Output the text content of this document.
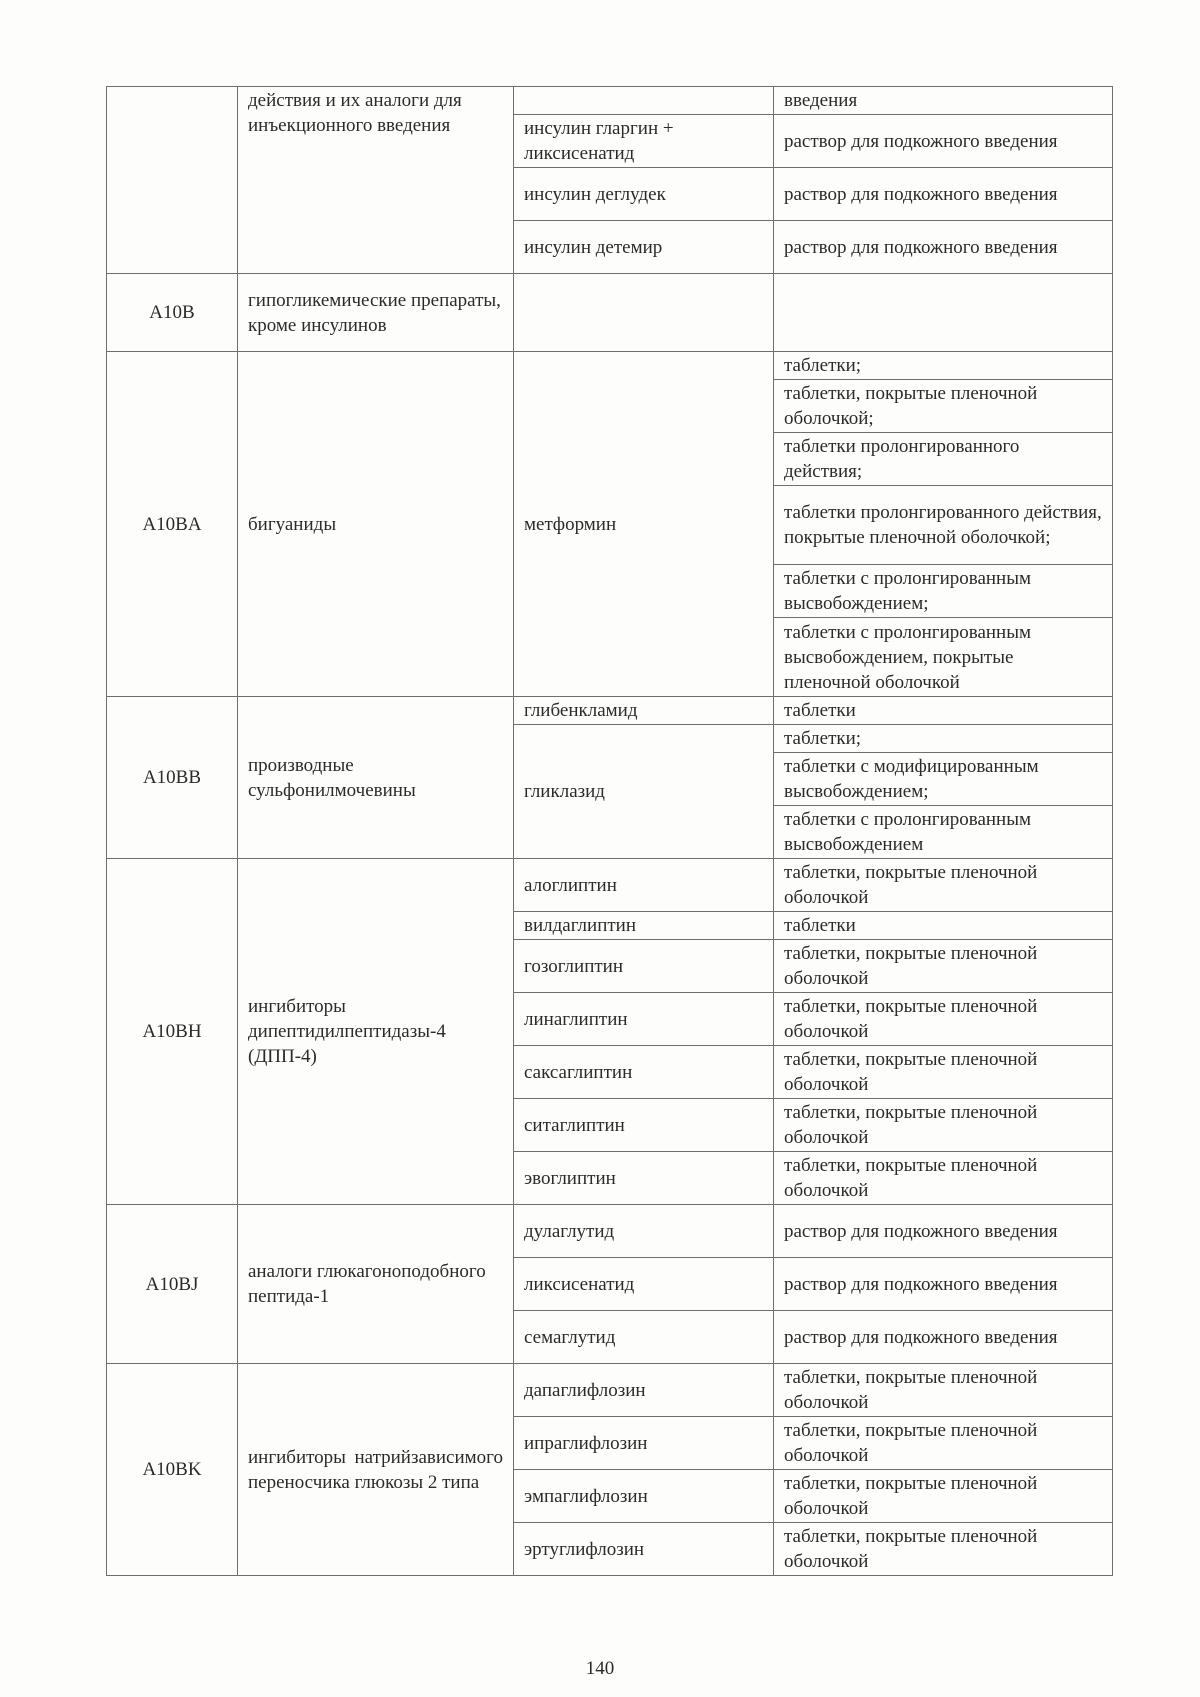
	действия и их аналоги для инъекционного введения		введения
		инсулин гларгин + ликсисенатид	раствор для подкожного введения
		инсулин деглудек	раствор для подкожного введения
		инсулин детемир	раствор для подкожного введения
A10B	гипогликемические препараты, кроме инсулинов		
A10BA	бигуаниды	метформин	таблетки;
			таблетки, покрытые пленочной оболочкой;
			таблетки пролонгированного действия;
			таблетки пролонгированного действия, покрытые пленочной оболочкой;
			таблетки с пролонгированным высвобождением;
			таблетки с пролонгированным высвобождением, покрытые пленочной оболочкой
A10BB	производные сульфонилмочевины	глибенкламид	таблетки
		гликлазид	таблетки;
			таблетки с модифицированным высвобождением;
			таблетки с пролонгированным высвобождением
A10BH	ингибиторы дипептидилпептидазы-4 (ДПП-4)	алоглиптин	таблетки, покрытые пленочной оболочкой
		вилдаглиптин	таблетки
		гозоглиптин	таблетки, покрытые пленочной оболочкой
		линаглиптин	таблетки, покрытые пленочной оболочкой
		саксаглиптин	таблетки, покрытые пленочной оболочкой
		ситаглиптин	таблетки, покрытые пленочной оболочкой
		эвоглиптин	таблетки, покрытые пленочной оболочкой
A10BJ	аналоги глюкагоноподобного пептида-1	дулаглутид	раствор для подкожного введения
		ликсисенатид	раствор для подкожного введения
		семаглутид	раствор для подкожного введения
A10BK	ингибиторы натрийзависимого переносчика глюкозы 2 типа	дапаглифлозин	таблетки, покрытые пленочной оболочкой
		ипраглифлозин	таблетки, покрытые пленочной оболочкой
		эмпаглифлозин	таблетки, покрытые пленочной оболочкой
		эртуглифлозин	таблетки, покрытые пленочной оболочкой
140
